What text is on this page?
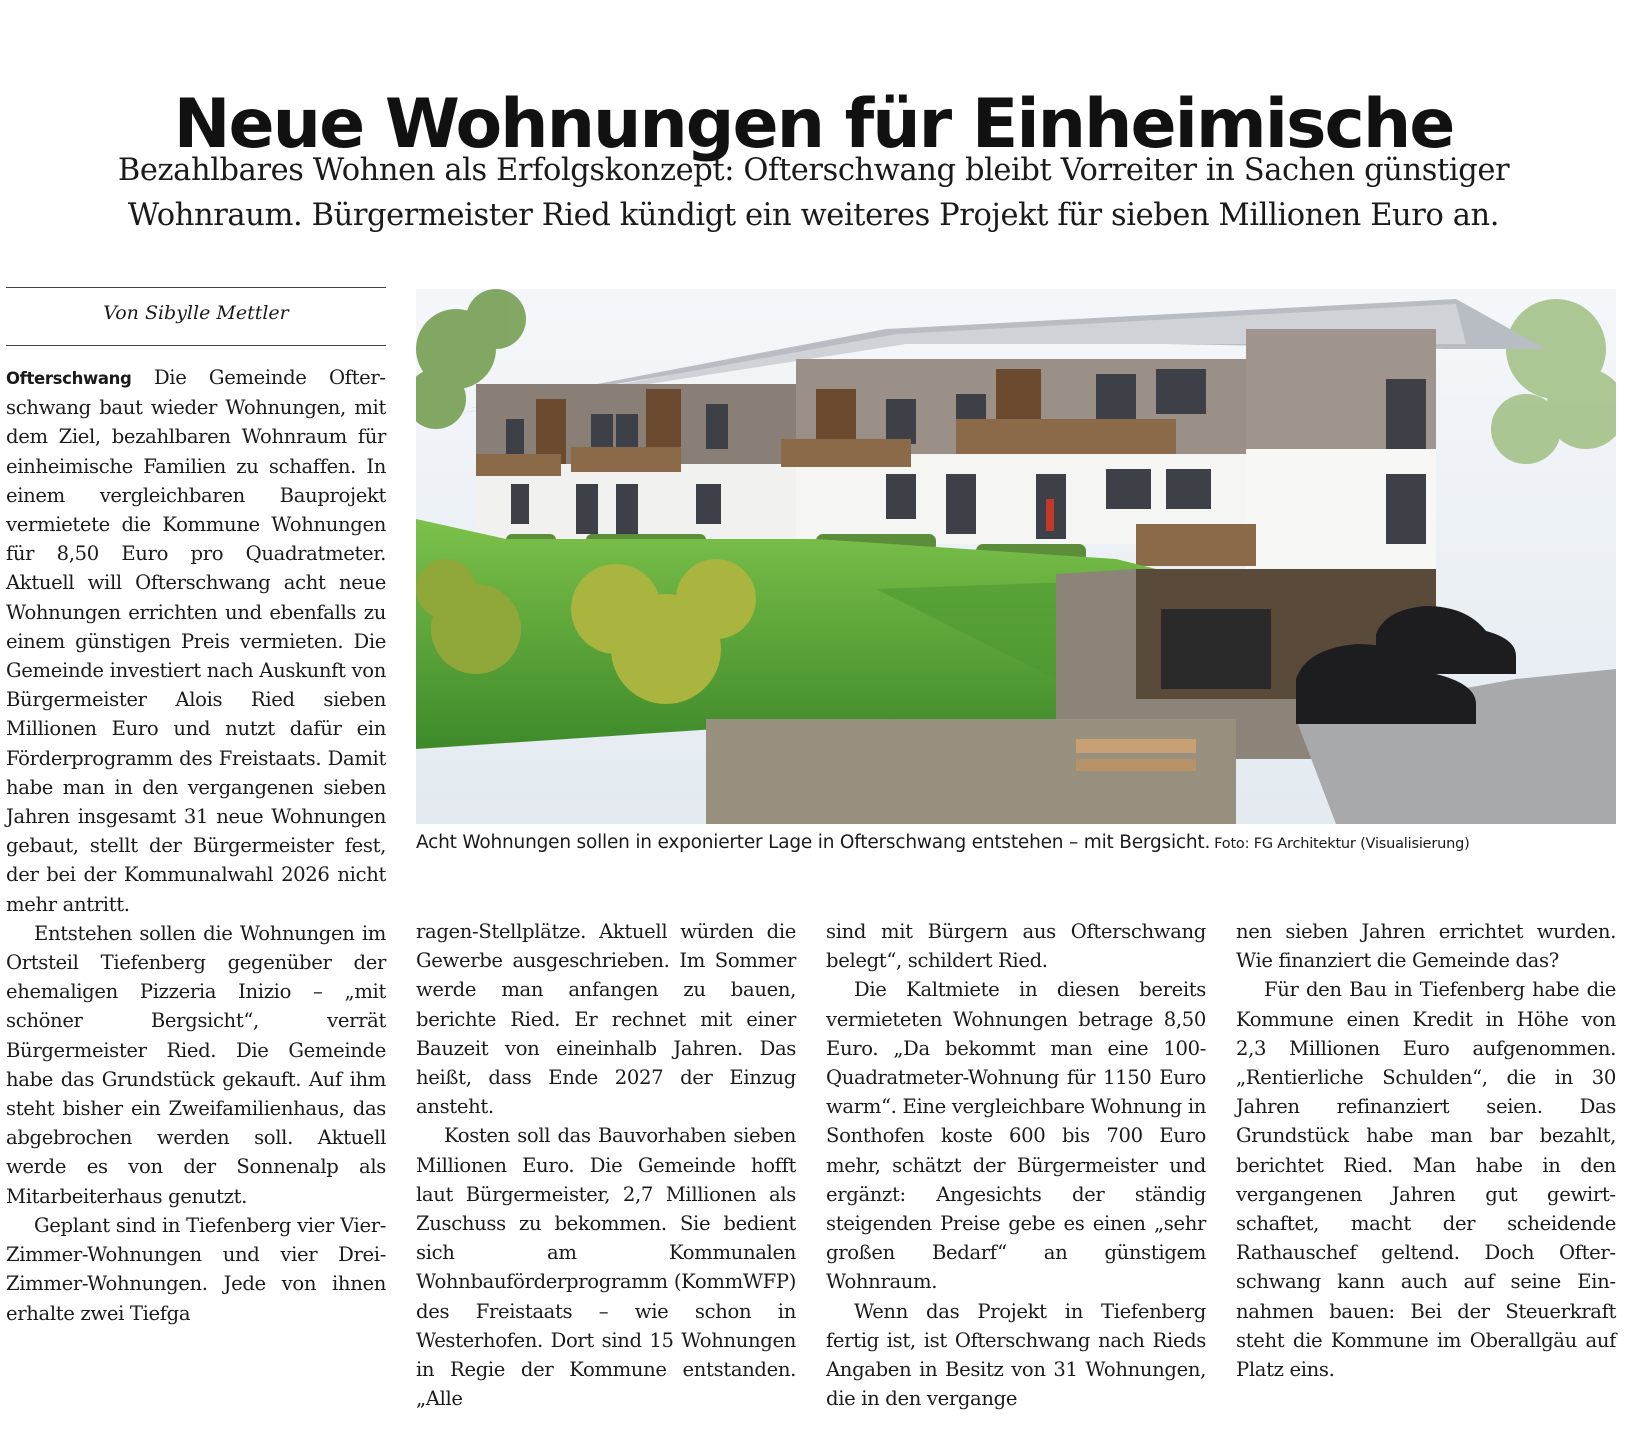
Neue Wohnungen für Einheimische
Bezahlbares Wohnen als Erfolgskonzept: Ofterschwang bleibt Vorreiter in Sachen günstiger
Wohnraum. Bürgermeister Ried kündigt ein weiteres Projekt für sieben Millionen Euro an.
Von Sibylle Mettler

Ofterschwang Die Gemeinde Ofterschwang baut wieder Wohnungen, mit dem Ziel, bezahlbaren Wohnraum für einheimische Familien zu schaffen. In einem vergleichbaren Bauprojekt vermietete die Kommune Wohnungen für 8,50 Euro pro Quadratmeter. Aktuell will Ofterschwang acht neue Wohnungen errichten und ebenfalls zu einem günstigen Preis vermieten. Die Gemeinde investiert nach Auskunft von Bürgermeister Alois Ried sieben Millionen Euro und nutzt dafür ein Förderprogramm des Freistaats. Damit habe man in den vergangenen sieben Jahren insgesamt 31 neue Wohnungen gebaut, stellt der Bürgermeister fest, der bei der Kommunalwahl 2026 nicht mehr antritt.

Entstehen sollen die Wohnungen im Ortsteil Tiefenberg gegenüber der ehemaligen Pizzeria Inizio – „mit schöner Bergsicht“, verrät Bürgermeister Ried. Die Gemeinde habe das Grundstück gekauft. Auf ihm steht bisher ein Zweifamilienhaus, das abgebrochen werden soll. Aktuell werde es von der Sonnenalp als Mitarbeiterhaus genutzt.

Geplant sind in Tiefenberg vier Vier-Zimmer-Wohnungen und vier Drei-Zimmer-Wohnungen. Jede von ihnen erhalte zwei Tiefga

Acht Wohnungen sollen in exponierter Lage in Ofterschwang entstehen – mit Bergsicht. Foto: FG Architektur (Visualisierung)

ragen-Stellplätze. Aktuell würden die Gewerbe ausgeschrieben. Im Sommer werde man anfangen zu bauen, berichte Ried. Er rechnet mit einer Bauzeit von eineinhalb Jahren. Das heißt, dass Ende 2027 der Einzug ansteht.

Kosten soll das Bauvorhaben sieben Millionen Euro. Die Gemeinde hofft laut Bürgermeister, 2,7 Millionen als Zuschuss zu bekommen. Sie bedient sich am Kommunalen Wohnbauförderprogramm (KommWFP) des Freistaats – wie schon in Westerhofen. Dort sind 15 Wohnungen in Regie der Kommune entstanden. „Alle

sind mit Bürgern aus Ofterschwang belegt“, schildert Ried.

Die Kaltmiete in diesen bereits vermieteten Wohnungen betrage 8,50 Euro. „Da bekommt man eine 100-Quadratmeter-Wohnung für 1150 Euro warm“. Eine vergleichbare Wohnung in Sonthofen koste 600 bis 700 Euro mehr, schätzt der Bürgermeister und ergänzt: Angesichts der ständig steigenden Preise gebe es einen „sehr großen Bedarf“ an günstigem Wohnraum.

Wenn das Projekt in Tiefenberg fertig ist, ist Ofterschwang nach Rieds Angaben in Besitz von 31 Wohnungen, die in den vergange

nen sieben Jahren errichtet wurden. Wie finanziert die Gemeinde das?

Für den Bau in Tiefenberg habe die Kommune einen Kredit in Höhe von 2,3 Millionen Euro aufgenommen. „Rentierliche Schulden“, die in 30 Jahren refinanziert seien. Das Grundstück habe man bar bezahlt, berichtet Ried. Man habe in den vergangenen Jahren gut gewirtschaftet, macht der scheidende Rathauschef geltend. Doch Ofterschwang kann auch auf seine Einnahmen bauen: Bei der Steuerkraft steht die Kommune im Oberallgäu auf Platz eins.
